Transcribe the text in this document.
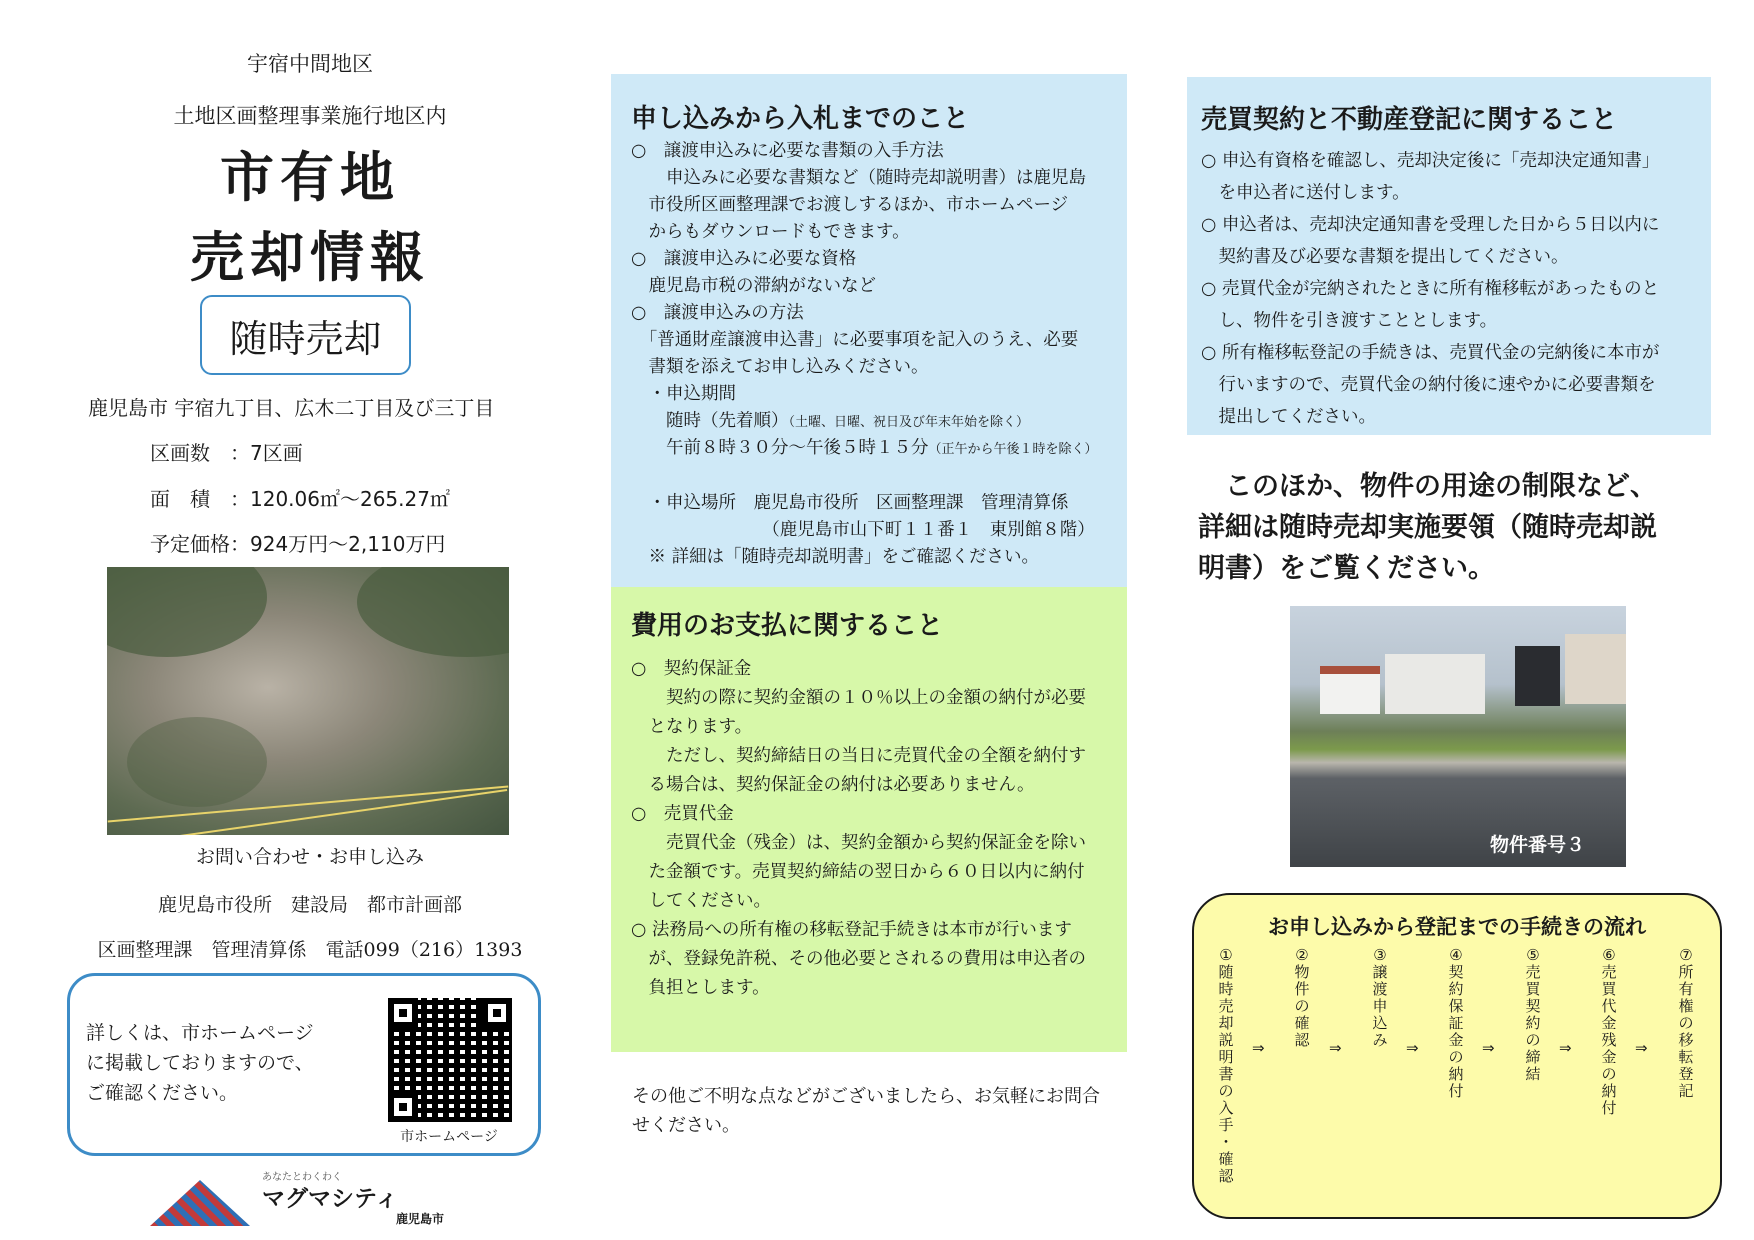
宇宿中間地区
土地区画整理事業施行地区内
市有地
売却情報
随時売却
鹿児島市 宇宿九丁目、広木二丁目及び三丁目
区画数　：7区画
面　積　：120.06㎡～265.27㎡
予定価格：924万円～2,110万円
お問い合わせ・お申し込み
鹿児島市役所　建設局　都市計画部
区画整理課　管理清算係　電話099（216）1393
詳しくは、市ホームページ
に掲載しておりますので、
ご確認ください。
市ホームページ
あなたとわくわく
マグマシティ
鹿児島市
申し込みから入札までのこと
○　譲渡申込みに必要な書類の入手方法
　　申込みに必要な書類など（随時売却説明書）は鹿児島
　市役所区画整理課でお渡しするほか、市ホームページ
　からもダウンロードもできます。
○　譲渡申込みに必要な資格
　鹿児島市税の滞納がないなど
○　譲渡申込みの方法
　「普通財産譲渡申込書」に必要事項を記入のうえ、必要
　書類を添えてお申し込みください。
　・申込期間
　　随時（先着順）（土曜、日曜、祝日及び年末年始を除く）
　　午前８時３０分～午後５時１５分（正午から午後１時を除く）
　・申込場所　鹿児島市役所　区画整理課　管理清算係
　　　　　　　　（鹿児島市山下町１１番１　東別館８階）
　※ 詳細は「随時売却説明書」をご確認ください。
費用のお支払に関すること
○　契約保証金
　　契約の際に契約金額の１０％以上の金額の納付が必要
　となります。
　　ただし、契約締結日の当日に売買代金の全額を納付す
　る場合は、契約保証金の納付は必要ありません。
○　売買代金
　　売買代金（残金）は、契約金額から契約保証金を除い
　た金額です。売買契約締結の翌日から６０日以内に納付
　してください。
○ 法務局への所有権の移転登記手続きは本市が行います
　が、登録免許税、その他必要とされるの費用は申込者の
　負担とします。
その他ご不明な点などがございましたら、お気軽にお問合
せください。
売買契約と不動産登記に関すること
○ 申込有資格を確認し、売却決定後に「売却決定通知書」
　を申込者に送付します。
○ 申込者は、売却決定通知書を受理した日から５日以内に
　契約書及び必要な書類を提出してください。
○ 売買代金が完納されたときに所有権移転があったものと
　し、物件を引き渡すこととします。
○ 所有権移転登記の手続きは、売買代金の完納後に本市が
　行いますので、売買代金の納付後に速やかに必要書類を
　提出してください。
　このほか、物件の用途の制限など、
詳細は随時売却実施要領（随時売却説
明書）をご覧ください。
物件番号３
お申し込みから登記までの手続きの流れ
①
随
時
売
却
説
明
書
の
入
手
・
確
認
⇒
②
物
件
の
確
認	⇒
③
譲
渡
申
込
み	⇒
④
契
約
保
証
金
の
納
付
⇒
⑤
売
買
契
約
の
締
結
⇒
⑥
売
買
代
金
残
金
の
納
付
⇒
⑦
所
有
権
の
移
転
登
記
